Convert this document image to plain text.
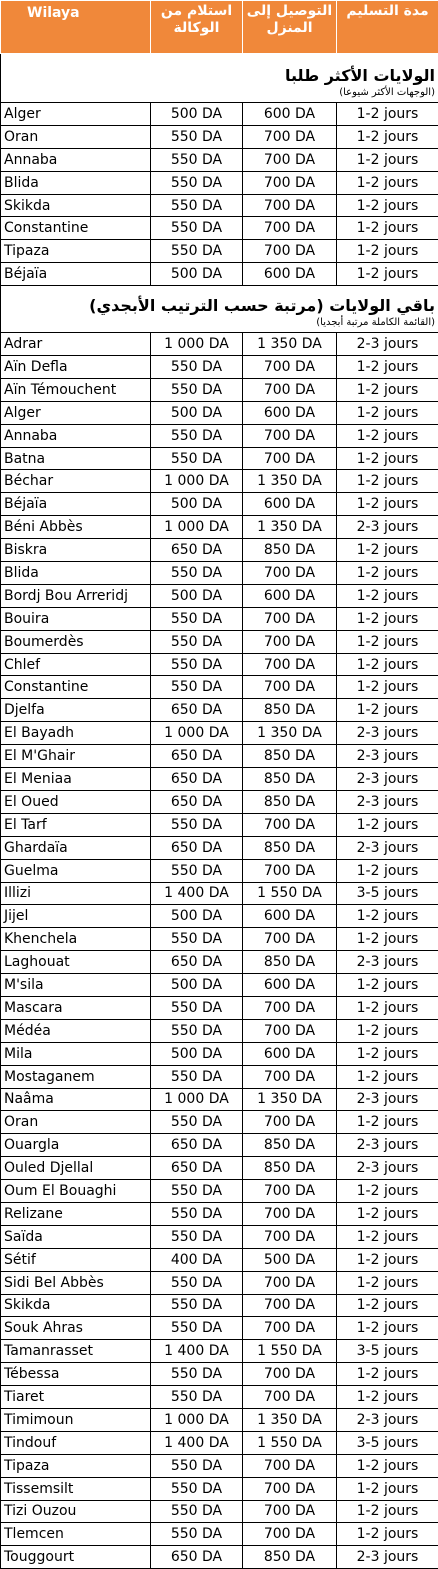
Wilaya	استلام من الوكالة	التوصيل إلى المنزل	مدة التسليم

الولايات الأكثر طلبا
(الوجهات الأكثر شيوعا)			

Alger	500 DA	600 DA	1-2 jours
Oran	550 DA	700 DA	1-2 jours
Annaba	550 DA	700 DA	1-2 jours
Blida	550 DA	700 DA	1-2 jours
Skikda	550 DA	700 DA	1-2 jours
Constantine	550 DA	700 DA	1-2 jours
Tipaza	550 DA	700 DA	1-2 jours
Béjaïa	500 DA	600 DA	1-2 jours

باقي الولايات (مرتبة حسب الترتيب الأبجدي)
(القائمة الكاملة مرتبة أبجديا)			

Adrar	1 000 DA	1 350 DA	2-3 jours
Aïn Defla	550 DA	700 DA	1-2 jours
Aïn Témouchent	550 DA	700 DA	1-2 jours
Alger	500 DA	600 DA	1-2 jours
Annaba	550 DA	700 DA	1-2 jours
Batna	550 DA	700 DA	1-2 jours
Béchar	1 000 DA	1 350 DA	1-2 jours
Béjaïa	500 DA	600 DA	1-2 jours
Béni Abbès	1 000 DA	1 350 DA	2-3 jours
Biskra	650 DA	850 DA	1-2 jours
Blida	550 DA	700 DA	1-2 jours
Bordj Bou Arreridj	500 DA	600 DA	1-2 jours
Bouira	550 DA	700 DA	1-2 jours
Boumerdès	550 DA	700 DA	1-2 jours
Chlef	550 DA	700 DA	1-2 jours
Constantine	550 DA	700 DA	1-2 jours
Djelfa	650 DA	850 DA	1-2 jours
El Bayadh	1 000 DA	1 350 DA	2-3 jours
El M'Ghair	650 DA	850 DA	2-3 jours
El Meniaa	650 DA	850 DA	2-3 jours
El Oued	650 DA	850 DA	2-3 jours
El Tarf	550 DA	700 DA	1-2 jours
Ghardaïa	650 DA	850 DA	2-3 jours
Guelma	550 DA	700 DA	1-2 jours
Illizi	1 400 DA	1 550 DA	3-5 jours
Jijel	500 DA	600 DA	1-2 jours
Khenchela	550 DA	700 DA	1-2 jours
Laghouat	650 DA	850 DA	2-3 jours
M'sila	500 DA	600 DA	1-2 jours
Mascara	550 DA	700 DA	1-2 jours
Médéa	550 DA	700 DA	1-2 jours
Mila	500 DA	600 DA	1-2 jours
Mostaganem	550 DA	700 DA	1-2 jours
Naâma	1 000 DA	1 350 DA	2-3 jours
Oran	550 DA	700 DA	1-2 jours
Ouargla	650 DA	850 DA	2-3 jours
Ouled Djellal	650 DA	850 DA	2-3 jours
Oum El Bouaghi	550 DA	700 DA	1-2 jours
Relizane	550 DA	700 DA	1-2 jours
Saïda	550 DA	700 DA	1-2 jours
Sétif	400 DA	500 DA	1-2 jours
Sidi Bel Abbès	550 DA	700 DA	1-2 jours
Skikda	550 DA	700 DA	1-2 jours
Souk Ahras	550 DA	700 DA	1-2 jours
Tamanrasset	1 400 DA	1 550 DA	3-5 jours
Tébessa	550 DA	700 DA	1-2 jours
Tiaret	550 DA	700 DA	1-2 jours
Timimoun	1 000 DA	1 350 DA	2-3 jours
Tindouf	1 400 DA	1 550 DA	3-5 jours
Tipaza	550 DA	700 DA	1-2 jours
Tissemsilt	550 DA	700 DA	1-2 jours
Tizi Ouzou	550 DA	700 DA	1-2 jours
Tlemcen	550 DA	700 DA	1-2 jours
Touggourt	650 DA	850 DA	2-3 jours
